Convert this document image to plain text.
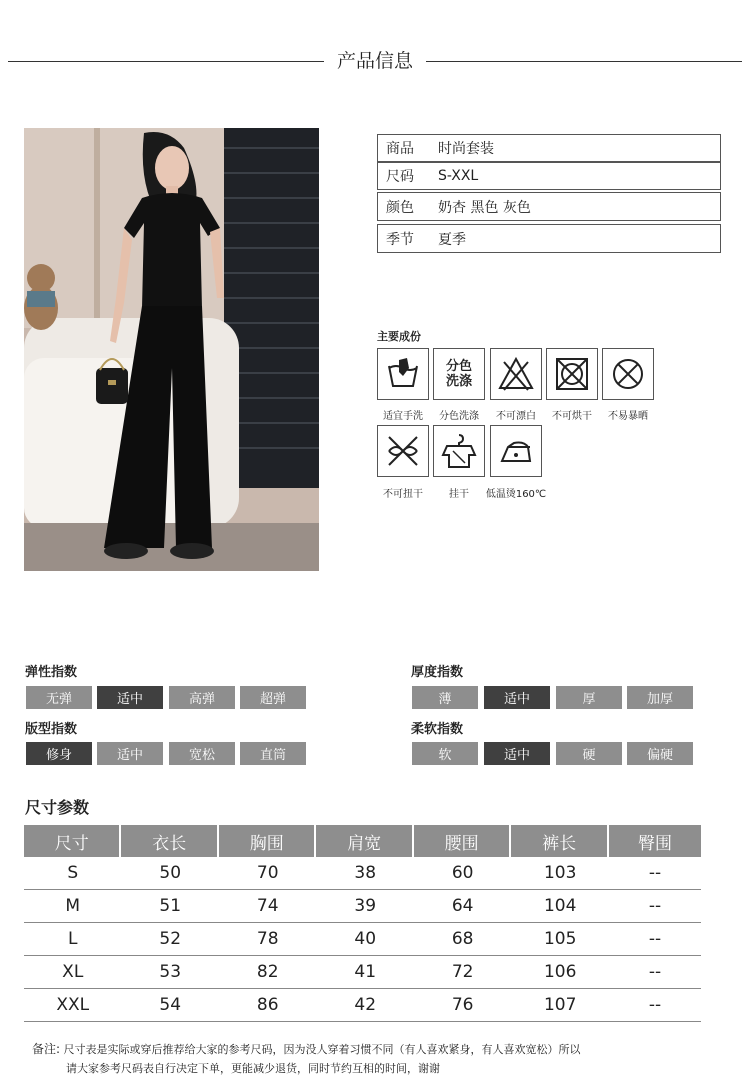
产品信息
商品	时尚套装
尺码	S-XXL
颜色	奶杏 黑色 灰色
季节	夏季
主要成份
分色
洗涤
适宜手洗	分色洗涤	不可漂白	不可烘干	不易暴晒
不可扭干	挂干	低温烫160℃
弹性指数
无弹	适中	高弹	超弹
版型指数
修身	适中	宽松	直筒
厚度指数
薄	适中	厚	加厚
柔软指数
软	适中	硬	偏硬
尺寸参数
尺寸	衣长	胸围	肩宽	腰围	裤长	臀围
S	50	70	38	60	103	--
M	51	74	39	64	104	--
L	52	78	40	68	105	--
XL	53	82	41	72	106	--
XXL	54	86	42	76	107	--
备注: 尺寸表是实际或穿后推荐给大家的参考尺码，因为没人穿着习惯不同（有人喜欢紧身，有人喜欢宽松）所以
请大家参考尺码表自行决定下单，更能减少退货，同时节约互相的时间，谢谢
